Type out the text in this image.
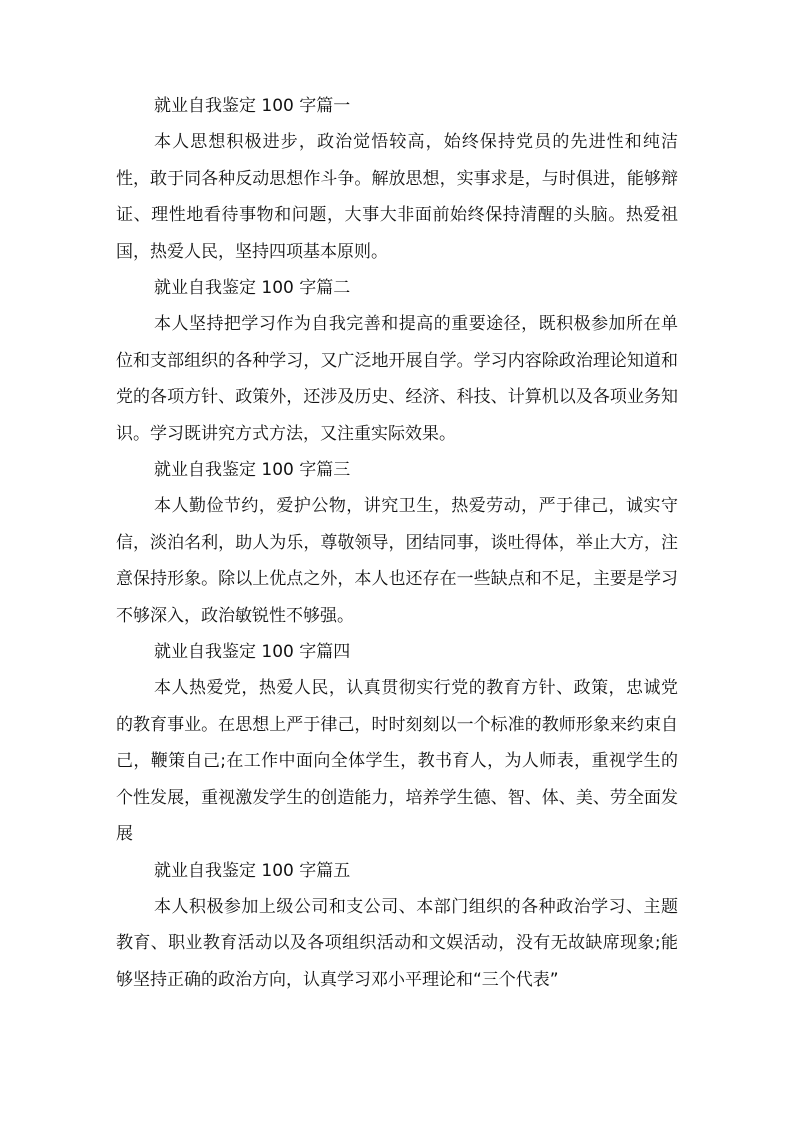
就业自我鉴定 100 字篇一

本人思想积极进步，政治觉悟较高，始终保持党员的先进性和纯洁性，敢于同各种反动思想作斗争。解放思想，实事求是，与时俱进，能够辩证、理性地看待事物和问题，大事大非面前始终保持清醒的头脑。热爱祖国，热爱人民，坚持四项基本原则。

就业自我鉴定 100 字篇二

本人坚持把学习作为自我完善和提高的重要途径，既积极参加所在单位和支部组织的各种学习，又广泛地开展自学。学习内容除政治理论知道和党的各项方针、政策外，还涉及历史、经济、科技、计算机以及各项业务知识。学习既讲究方式方法，又注重实际效果。

就业自我鉴定 100 字篇三

本人勤俭节约，爱护公物，讲究卫生，热爱劳动，严于律己，诚实守信，淡泊名利，助人为乐，尊敬领导，团结同事，谈吐得体，举止大方，注意保持形象。除以上优点之外，本人也还存在一些缺点和不足，主要是学习不够深入，政治敏锐性不够强。

就业自我鉴定 100 字篇四

本人热爱党，热爱人民，认真贯彻实行党的教育方针、政策，忠诚党的教育事业。在思想上严于律己，时时刻刻以一个标准的教师形象来约束自己，鞭策自己;在工作中面向全体学生，教书育人，为人师表，重视学生的个性发展，重视激发学生的创造能力，培养学生德、智、体、美、劳全面发展

就业自我鉴定 100 字篇五

本人积极参加上级公司和支公司、本部门组织的各种政治学习、主题教育、职业教育活动以及各项组织活动和文娱活动，没有无故缺席现象;能够坚持正确的政治方向，认真学习邓小平理论和“三个代表”
